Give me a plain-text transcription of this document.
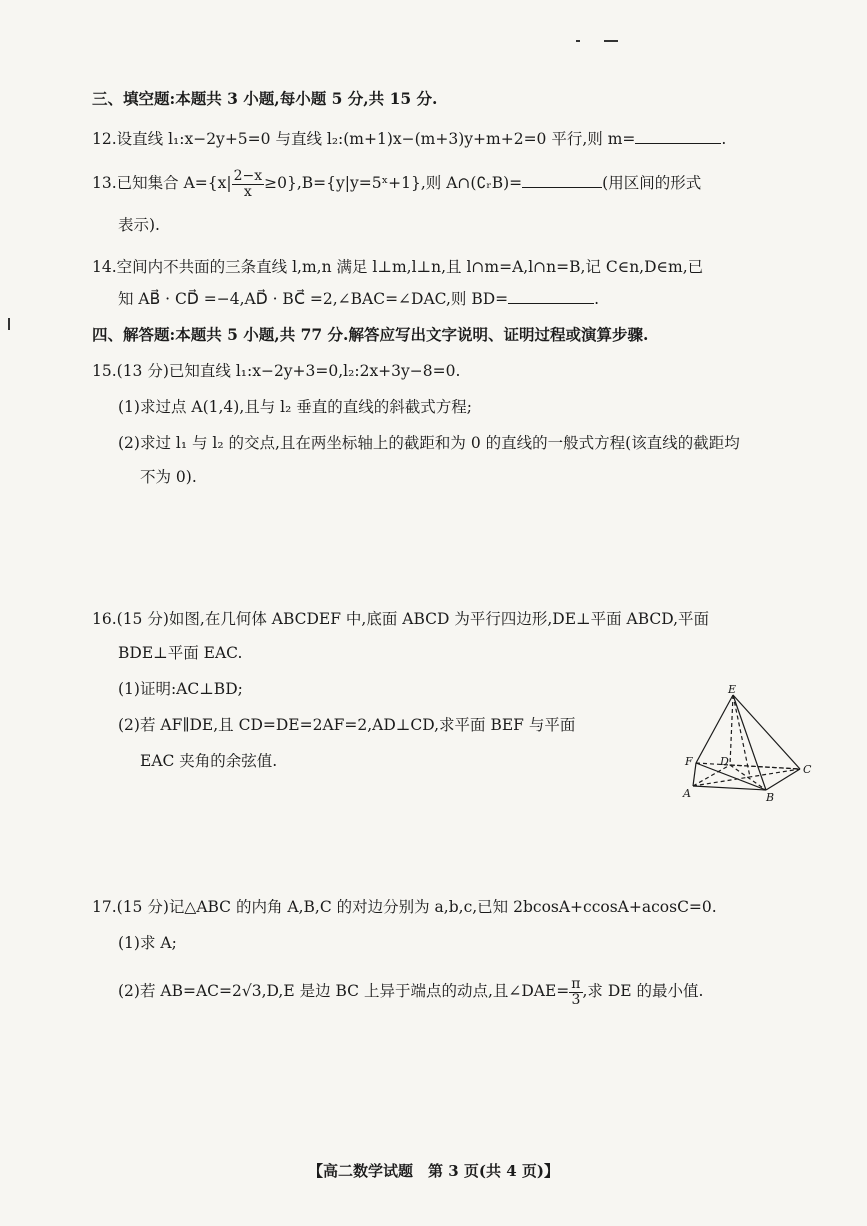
三、填空题:本题共 3 小题,每小题 5 分,共 15 分.
12.设直线 l₁:x−2y+5=0 与直线 l₂:(m+1)x−(m+3)y+m+2=0 平行,则 m=	.
13.已知集合 $A=\{x| \frac{2-x}{x}$ ≥0},B={y|y=5ˣ+1},则 A∩(∁ᵣB)=	(用区间的形式
表示).
14.空间内不共面的三条直线 l,m,n 满足 l⊥m,l⊥n,且 l∩m=A,l∩n=B,记 C∈n,D∈m,已
知 AB⃗ · CD⃗ =−4,AD⃗ · BC⃗ =2,∠BAC=∠DAC,则 BD=	.
四、解答题:本题共 5 小题,共 77 分.解答应写出文字说明、证明过程或演算步骤.
15.(13 分)已知直线 l₁:x−2y+3=0,l₂:2x+3y−8=0.
(1)求过点 A(1,4),且与 l₂ 垂直的直线的斜截式方程;
(2)求过 l₁ 与 l₂ 的交点,且在两坐标轴上的截距和为 0 的直线的一般式方程(该直线的截距均
不为 0).
16.(15 分)如图,在几何体 ABCDEF 中,底面 ABCD 为平行四边形,DE⊥平面 ABCD,平面
BDE⊥平面 EAC.
(1)证明:AC⊥BD;
(2)若 AF∥DE,且 CD=DE=2AF=2,AD⊥CD,求平面 BEF 与平面
EAC 夹角的余弦值.
E
F D
C
A	B
17.(15 分)记△ABC 的内角 A,B,C 的对边分别为 a,b,c,已知 2bcosA+ccosA+acosC=0.
(1)求 A;
(2)若 AB=AC=2√3,D,E 是边 BC 上异于端点的动点,且∠DAE= $\frac{\pi}{3}$ ,求 DE 的最小值.
【高二数学试题　第 3 页(共 4 页)】
